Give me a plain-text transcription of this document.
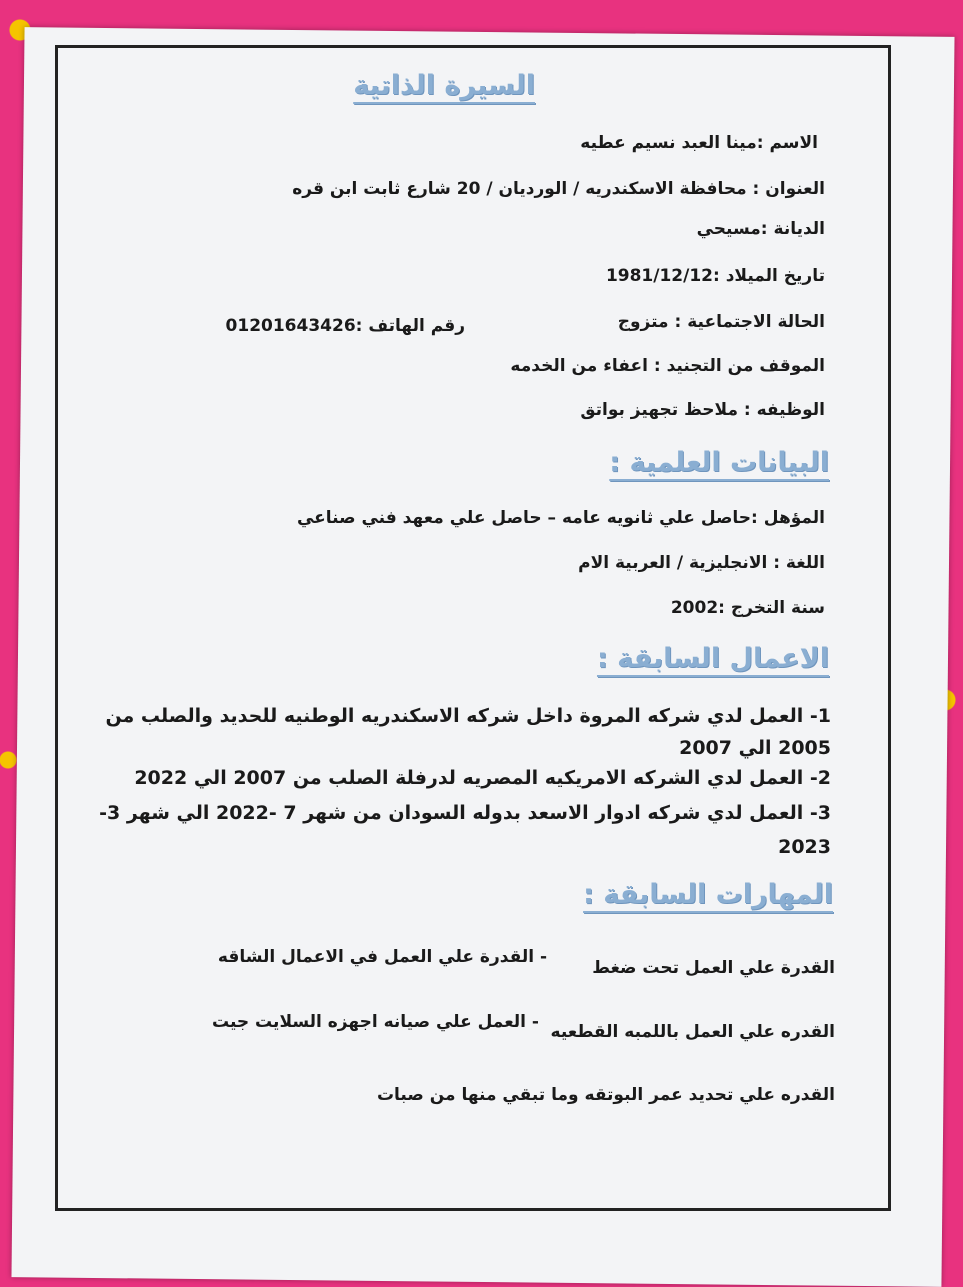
السيرة الذاتية
الاسم :مينا العبد نسيم عطيه
العنوان : محافظة الاسكندريه / الورديان / 20 شارع ثابت ابن قره
الديانة :مسيحي
تاريخ الميلاد :1981/12/12
الحالة الاجتماعية : متزوج
رقم الهاتف :01201643426
الموقف من التجنيد : اعفاء من الخدمه
الوظيفه : ملاحظ تجهيز بواتق
البيانات العلمية :
المؤهل :حاصل علي ثانويه عامه – حاصل علي معهد فني صناعي
اللغة : الانجليزية / العربية الام
سنة التخرج :2002
الاعمال السابقة :
1- العمل لدي شركه المروة داخل شركه الاسكندريه الوطنيه للحديد والصلب من
2005 الي 2007
2- العمل لدي الشركه الامريكيه المصريه لدرفلة الصلب من 2007 الي 2022
3- العمل لدي شركه ادوار الاسعد بدوله السودان من شهر 7 -2022 الي شهر 3-
2023
المهارات السابقة :
القدرة علي العمل تحت ضغط
- القدرة علي العمل في الاعمال الشاقه
القدره علي العمل باللمبه القطعيه
- العمل علي صيانه اجهزه السلايت جيت
القدره علي تحديد عمر البوتقه وما تبقي منها من صبات
